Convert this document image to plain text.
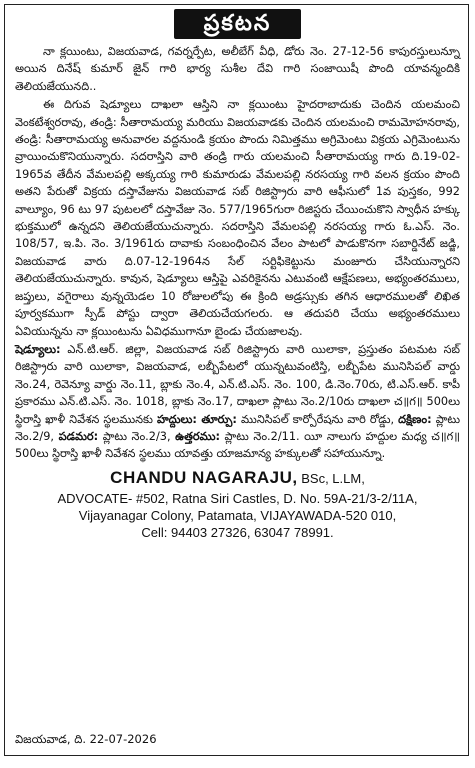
ప్రకటన

నా క్లయింటు, విజయవాడ, గవర్నర్పేట, అలీబేగ్ వీధి, డోరు నెం. 27-12-56 కాపురస్తులున్నూ అయిన దినేష్ కుమార్ జైన్ గారి భార్య సుశీల దేవి గారి సంజాయిషీ పొంది యావన్మందికి తెలియజేయునది..

ఈ దిగువ షెడ్యూలు దాఖలా ఆస్తిని నా క్లయింటు హైదరాబాదుకు చెందిన యలమంచి వెంకటేశ్వరరావు, తండ్రి: సీతారామయ్య మరియు విజయవాడకు చెందిన యలమంచి రామమోహనరావు, తండ్రి: సీతారామయ్య అనువారల వద్దనుండి క్రయం పొందు నిమిత్తము అగ్రిమెంటు విక్రయ ఎగ్రిమెంటును వ్రాయించుకొనియున్నారు. సదరాస్తిని వారి తండ్రి గారు యలమంచి సీతారామయ్య గారు ది.19-02-1965వ తేదీన వేమలపల్లి అక్కయ్య గారి కుమారుడు వేమలపల్లి నరసయ్య గారి వలన క్రయం పొంది అతని పేరుతో విక్రయ దస్తావేజును విజయవాడ సబ్ రిజిస్ట్రారు వారి ఆఫీసులో 1వ పుస్తకం, 992 వాల్యూం, 96 టు 97 పుటలలో దస్తావేజు నెం. 577/1965గురా రిజిస్టరు చేయించుకొని స్వాధీన హక్కు భుక్తములో ఉన్నదని తెలియజేయుచున్నారు. సదరాస్తిని వేమలపల్లి నరసయ్య గారు ఓ.ఎస్. నెం. 108/57, ఇ.పి. నెం. 3/1961రు దావాకు సంబంధించిన వేలం పాటలో పాడుకొనగా సబార్డినేట్ జడ్జి, విజయవాడ వారు ది.07-12-1964న సేల్ సర్టిఫికెట్టును మంజూరు చేసియున్నారని తెలియజేయుచున్నారు. కావున, షెడ్యూలు ఆస్తిపై ఎవరికైనను ఎటువంటి ఆక్షేపణలు, అభ్యంతరములు, జప్తులు, వగైరాలు వున్నయెడల 10 రోజులలోపు ఈ క్రింది అడ్రస్సుకు తగిన ఆధారములతో లిఖిత పూర్వకముగా స్పీడ్ పోస్టు ద్వారా తెలియచేయగలరు. ఆ తదుపరి చేయు అభ్యంతరములు ఏవియున్నను నా క్లయింటును ఏవిధముగానూ బైండు చేయజాలవు.

షెడ్యూలు: ఎన్.టి.ఆర్. జిల్లా, విజయవాడ సబ్ రిజిస్ట్రారు వారి యిలాకా, ప్రస్తుతం పటమట సబ్ రిజిస్ట్రారు వారి యిలాకా, విజయవాడ, లబ్బీపేటలో యున్నటువంటిస్తి, లబ్బీపేట మునిసిపల్ వార్డు నెం.24, రెవెన్యూ వార్డు నెం.11, బ్లాకు నెం.4, ఎన్.టి.ఎస్. నెం. 100, డి.నెం.70రు, టి.ఎస్.ఆర్. కాపీ ప్రకారము ఎన్.టి.ఎస్. నెం. 1018, బ్లాకు నెం.17, దాఖలా ప్లాటు నెం.2/10రు దాఖలా చ॥గ॥ 500లు స్థిరాస్తి ఖాళీ నివేశన స్థలమునకు హద్దులు: తూర్పు: మునిసిపల్ కార్పోరేషను వారి రోడ్డు, దక్షిణం: ప్లాటు నెం.2/9, పడమర: ప్లాటు నెం.2/3, ఉత్తరము: ప్లాటు నెం.2/11. యీ నాలుగు హద్దుల మధ్య చ॥గ॥ 500లు స్థిరాస్తి ఖాళీ నివేశన స్థలము యావత్తు యాజమాన్య హక్కులతో సహాయున్నూ.

CHANDU NAGARAJU, BSc, L.LM,
ADVOCATE- #502, Ratna Siri Castles, D. No. 59A-21/3-2/11A,
Vijayanagar Colony, Patamata, VIJAYAWADA-520 010,
Cell: 94403 27326, 63047 78991.
విజయవాడ, ది. 22-07-2026
